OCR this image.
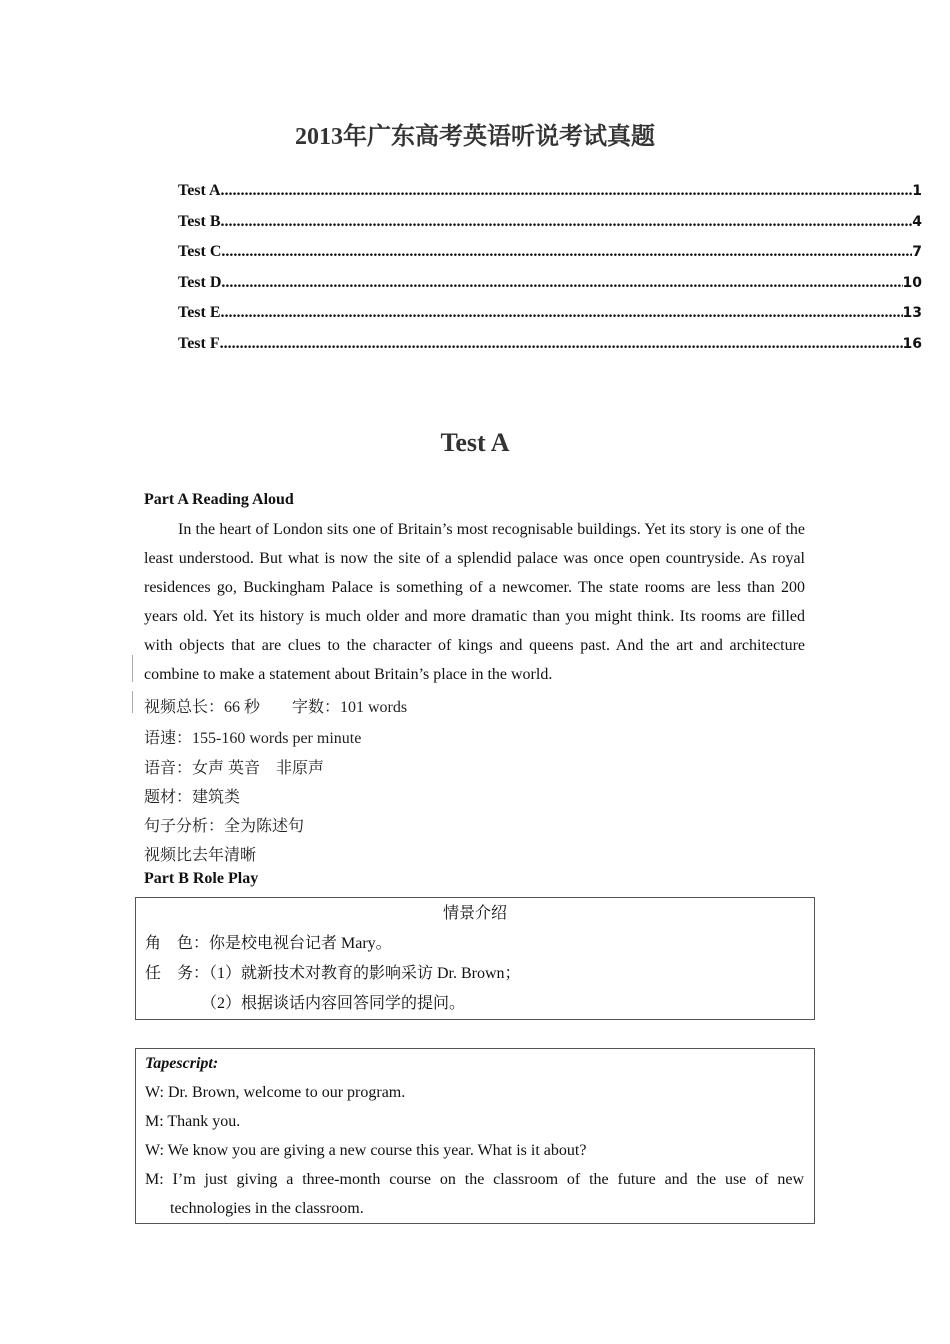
2013年广东高考英语听说考试真题
Test A .....	1
Test B .....	4
Test C .....	7
Test D .....	10
Test E .....	13
Test F .....	16
Test A
Part A Reading Aloud
In the heart of London sits one of Britain’s most recognisable buildings. Yet its story is one of the least understood. But what is now the site of a splendid palace was once open countryside. As royal residences go, Buckingham Palace is something of a newcomer. The state rooms are less than 200 years old. Yet its history is much older and more dramatic than you might think. Its rooms are filled with objects that are clues to the character of kings and queens past. And the art and architecture combine to make a statement about Britain’s place in the world.
视频总长：66 秒　　字数：101 words
语速：155-160 words per minute
语音：女声 英音　非原声
题材：建筑类
句子分析：全为陈述句
视频比去年清晰
Part B Role Play
情景介绍
角　色：你是校电视台记者 Mary。
任　务：（1）就新技术对教育的影响采访 Dr. Brown；
　　　　（2）根据谈话内容回答同学的提问。
Tapescript:
W: Dr. Brown, welcome to our program.
M: Thank you.
W: We know you are giving a new course this year. What is it about?
M: I’m just giving a three-month course on the classroom of the future and the use of new technologies in the classroom.
